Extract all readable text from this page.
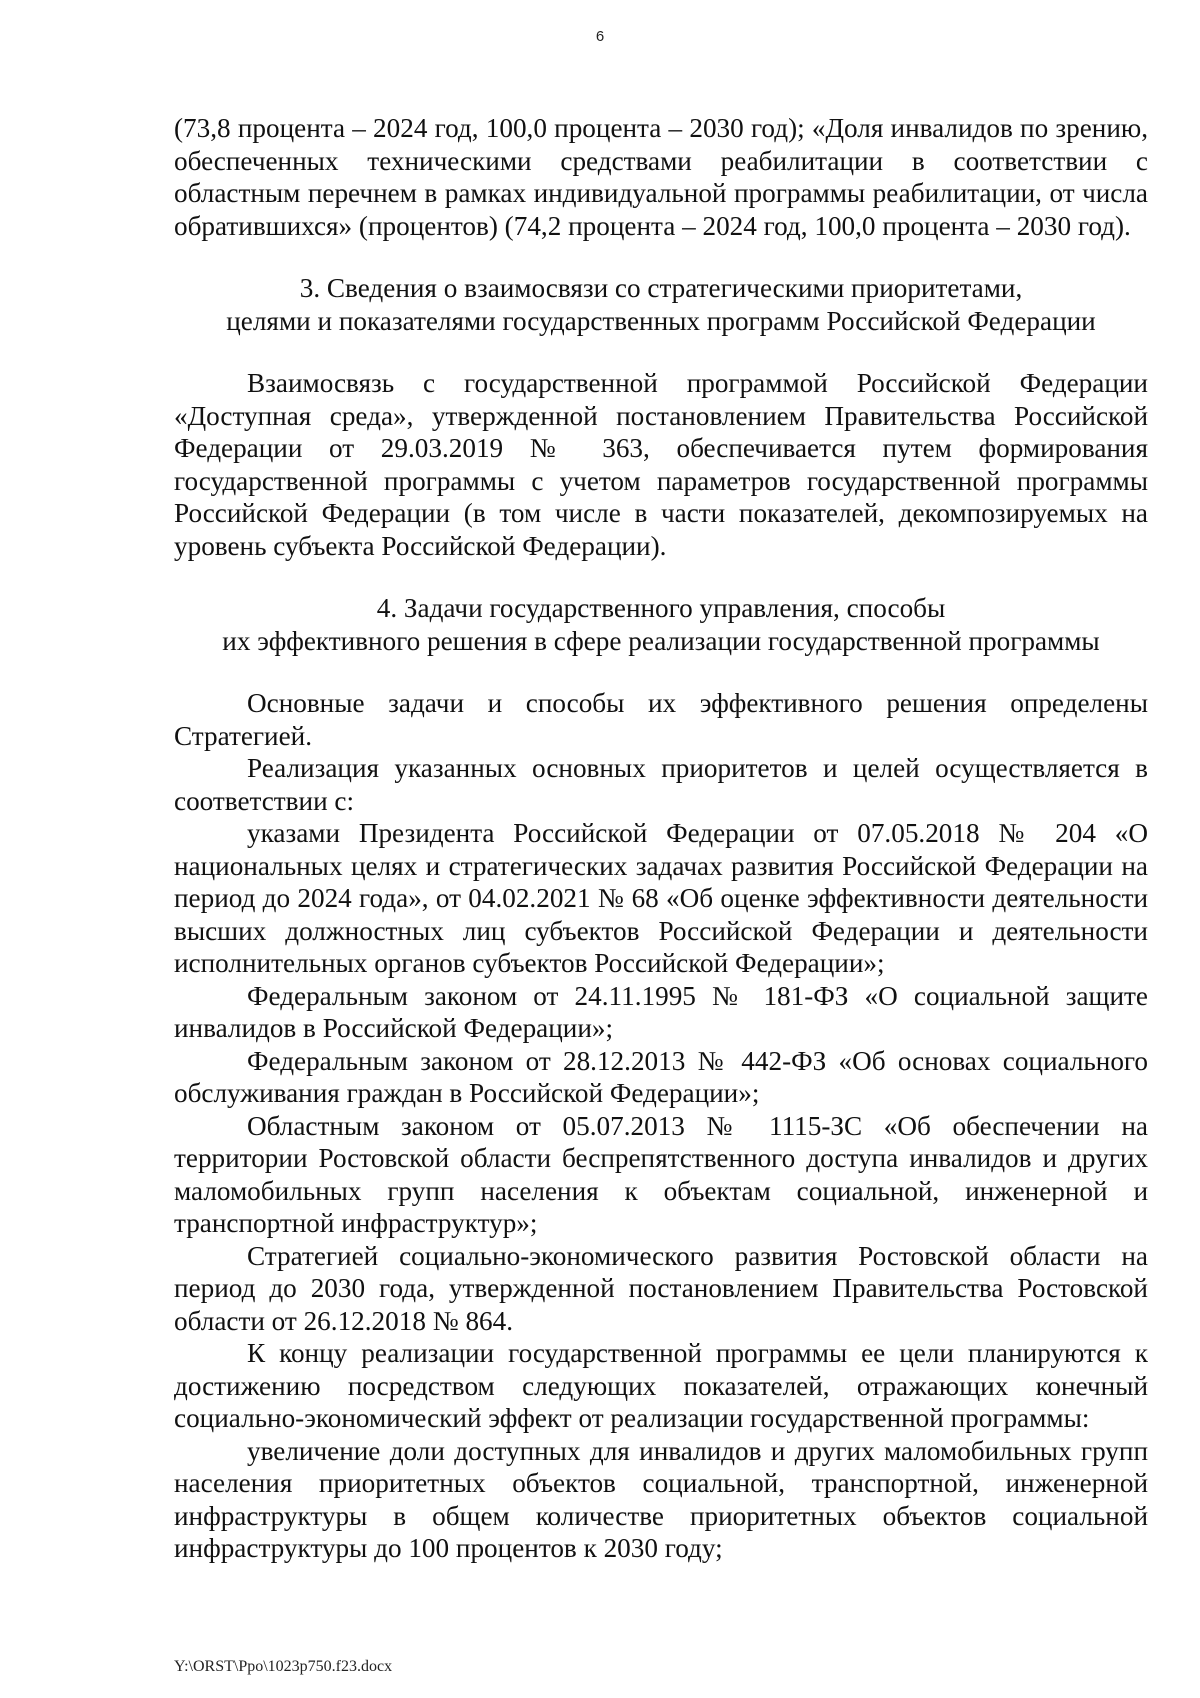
6

(73,8 процента – 2024 год, 100,0 процента – 2030 год); «Доля инвалидов по зрению, обеспеченных техническими средствами реабилитации в соответствии с областным перечнем в рамках индивидуальной программы реабилитации, от числа обратившихся» (процентов) (74,2 процента – 2024 год, 100,0 процента – 2030 год).

3. Сведения о взаимосвязи со стратегическими приоритетами,
целями и показателями государственных программ Российской Федерации

Взаимосвязь с государственной программой Российской Федерации «Доступная среда», утвержденной постановлением Правительства Российской Федерации от 29.03.2019 № 363, обеспечивается путем формирования государственной программы с учетом параметров государственной программы Российской Федерации (в том числе в части показателей, декомпозируемых на уровень субъекта Российской Федерации).

4. Задачи государственного управления, способы
их эффективного решения в сфере реализации государственной программы

Основные задачи и способы их эффективного решения определены Стратегией.

Реализация указанных основных приоритетов и целей осуществляется в соответствии с:

указами Президента Российской Федерации от 07.05.2018 № 204 «О национальных целях и стратегических задачах развития Российской Федерации на период до 2024 года», от 04.02.2021 № 68 «Об оценке эффективности деятельности высших должностных лиц субъектов Российской Федерации и деятельности исполнительных органов субъектов Российской Федерации»;

Федеральным законом от 24.11.1995 № 181-ФЗ «О социальной защите инвалидов в Российской Федерации»;

Федеральным законом от 28.12.2013 № 442-ФЗ «Об основах социального обслуживания граждан в Российской Федерации»;

Областным законом от 05.07.2013 № 1115-ЗС «Об обеспечении на территории Ростовской области беспрепятственного доступа инвалидов и других маломобильных групп населения к объектам социальной, инженерной и транспортной инфраструктур»;

Стратегией социально-экономического развития Ростовской области на период до 2030 года, утвержденной постановлением Правительства Ростовской области от 26.12.2018 № 864.

К концу реализации государственной программы ее цели планируются к достижению посредством следующих показателей, отражающих конечный социально-экономический эффект от реализации государственной программы:

увеличение доли доступных для инвалидов и других маломобильных групп населения приоритетных объектов социальной, транспортной, инженерной инфраструктуры в общем количестве приоритетных объектов социальной инфраструктуры до 100 процентов к 2030 году;

Y:\ORST\Ppo\1023p750.f23.docx
